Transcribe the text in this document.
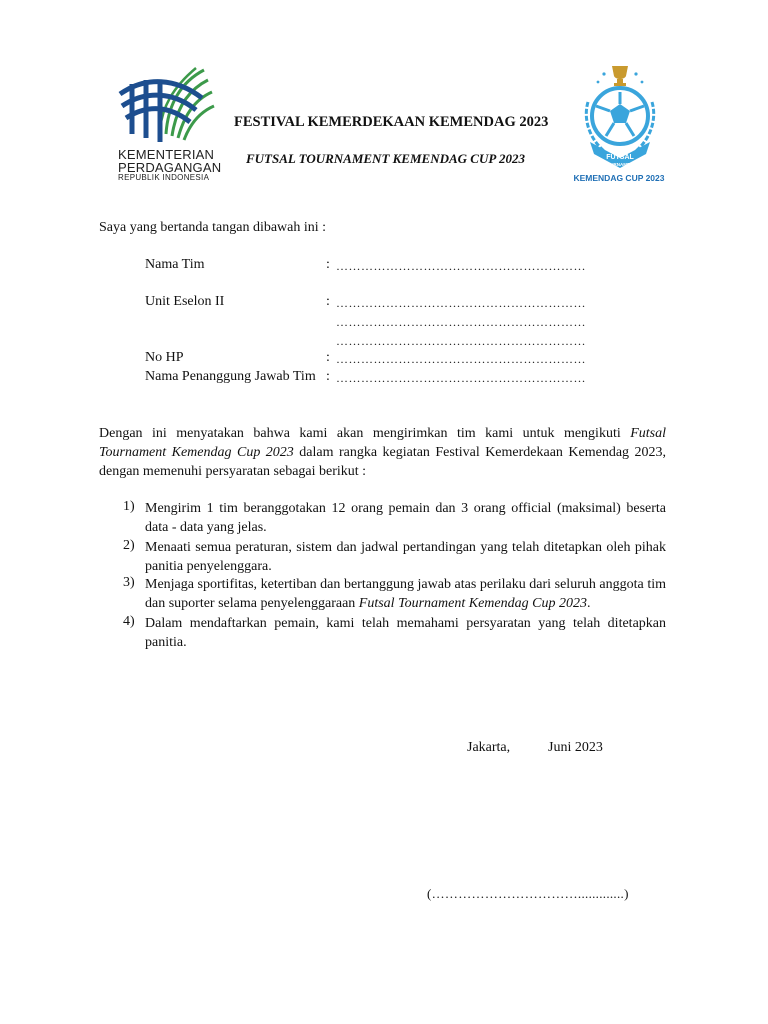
KEMENTERIAN
PERDAGANGAN
REPUBLIK INDONESIA
FESTIVAL KEMERDEKAAN KEMENDAG 2023
FUTSAL TOURNAMENT KEMENDAG CUP 2023	FUTSAL
TOURNAMENT
KEMENDAG CUP 2023
Saya yang bertanda tangan dibawah ini :
Nama Tim	: ……………………………………………………
Unit Eselon II	: ……………………………………………………
……………………………………………………
……………………………………………………
No HP	: ……………………………………………………
Nama Penanggung Jawab Tim : ……………………………………………………
Dengan ini menyatakan bahwa kami akan mengirimkan tim kami untuk mengikuti Futsal Tournament Kemendag Cup 2023 dalam rangka kegiatan Festival Kemerdekaan Kemendag 2023, dengan memenuhi persyaratan sebagai berikut :
1) Mengirim 1 tim beranggotakan 12 orang pemain dan 3 orang official (maksimal) beserta data - data yang jelas.
2) Menaati semua peraturan, sistem dan jadwal pertandingan yang telah ditetapkan oleh pihak panitia penyelenggara.
3) Menjaga sportifitas, ketertiban dan bertanggung jawab atas perilaku dari seluruh anggota tim dan suporter selama penyelenggaraan Futsal Tournament Kemendag Cup 2023.
4) Dalam mendaftarkan pemain, kami telah memahami persyaratan yang telah ditetapkan panitia.
Jakarta,	Juni 2023
(…………………………….............)
